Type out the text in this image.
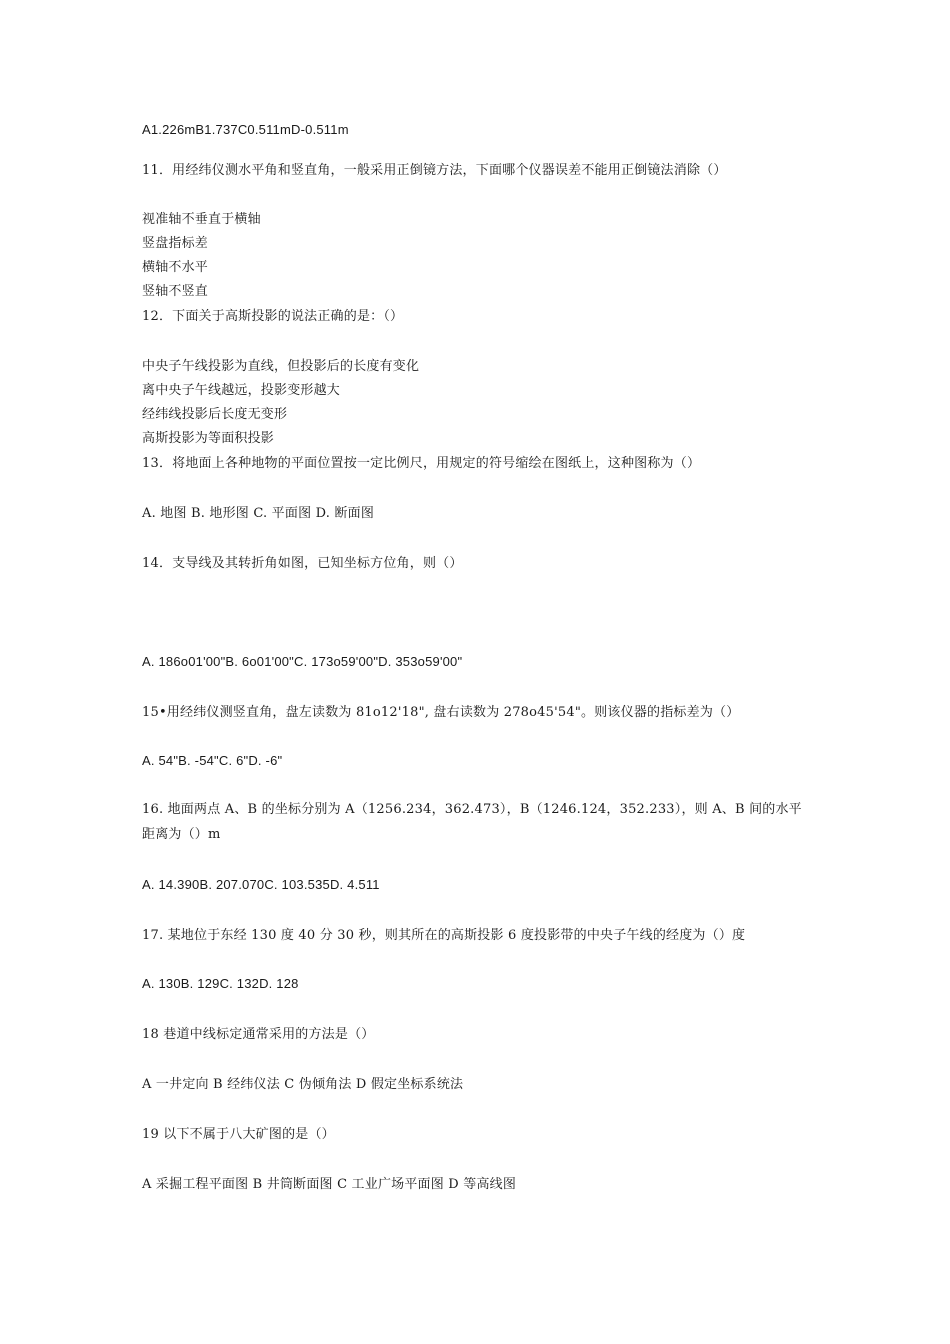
A1.226mB1.737C0.511mD-0.511m
11．用经纬仪测水平角和竖直角，一般采用正倒镜方法，下面哪个仪器误差不能用正倒镜法消除（）
视准轴不垂直于横轴
竖盘指标差
横轴不水平
竖轴不竖直
12．下面关于高斯投影的说法正确的是：（）
中央子午线投影为直线，但投影后的长度有变化
离中央子午线越远，投影变形越大
经纬线投影后长度无变形
高斯投影为等面积投影
13．将地面上各种地物的平面位置按一定比例尺，用规定的符号缩绘在图纸上，这种图称为（）
A. 地图 B. 地形图 C. 平面图 D. 断面图
14．支导线及其转折角如图，已知坐标方位角，则（）
A. 186o01'00"B. 6o01'00"C. 173o59'00"D. 353o59'00"
15•用经纬仪测竖直角，盘左读数为 81o12'18", 盘右读数为 278o45'54"。则该仪器的指标差为（）
A. 54"B. -54"C. 6"D. -6"
16. 地面两点 A、B 的坐标分别为 A（1256.234，362.473），B（1246.124，352.233），则 A、B 间的水平
距离为（）m
A. 14.390B. 207.070C. 103.535D. 4.511
17. 某地位于东经 130 度 40 分 30 秒，则其所在的高斯投影 6 度投影带的中央子午线的经度为（）度
A. 130B. 129C. 132D. 128
18 巷道中线标定通常采用的方法是（）
A 一井定向 B 经纬仪法 C 伪倾角法 D 假定坐标系统法
19 以下不属于八大矿图的是（）
A 采掘工程平面图 B 井筒断面图 C 工业广场平面图 D 等高线图
